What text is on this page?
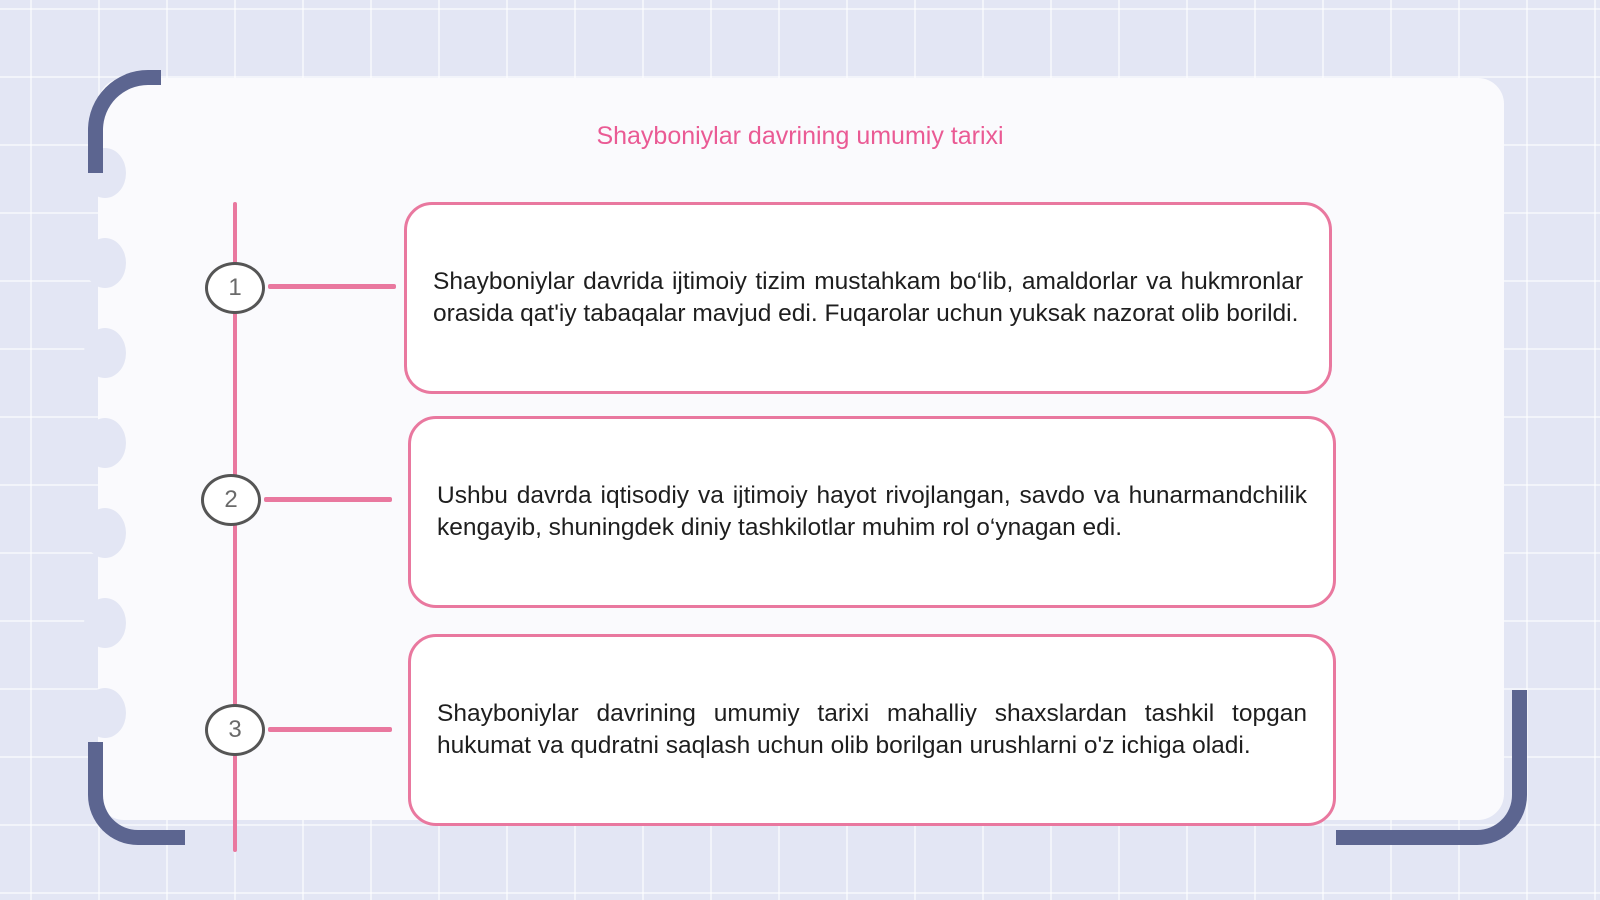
Shayboniylar davrining umumiy tarixi
1	Shayboniylar davrida ijtimoiy tizim mustahkam bo‘lib, amaldorlar va hukmronlar orasida qat'iy tabaqalar mavjud edi. Fuqarolar uchun yuksak nazorat olib borildi.

2	Ushbu davrda iqtisodiy va ijtimoiy hayot rivojlangan, savdo va hunarmandchilik kengayib, shuningdek diniy tashkilotlar muhim rol o‘ynagan edi.

3

Shayboniylar davrining umumiy tarixi mahalliy shaxslardan tashkil topgan hukumat va qudratni saqlash uchun olib borilgan urushlarni o'z ichiga oladi.
